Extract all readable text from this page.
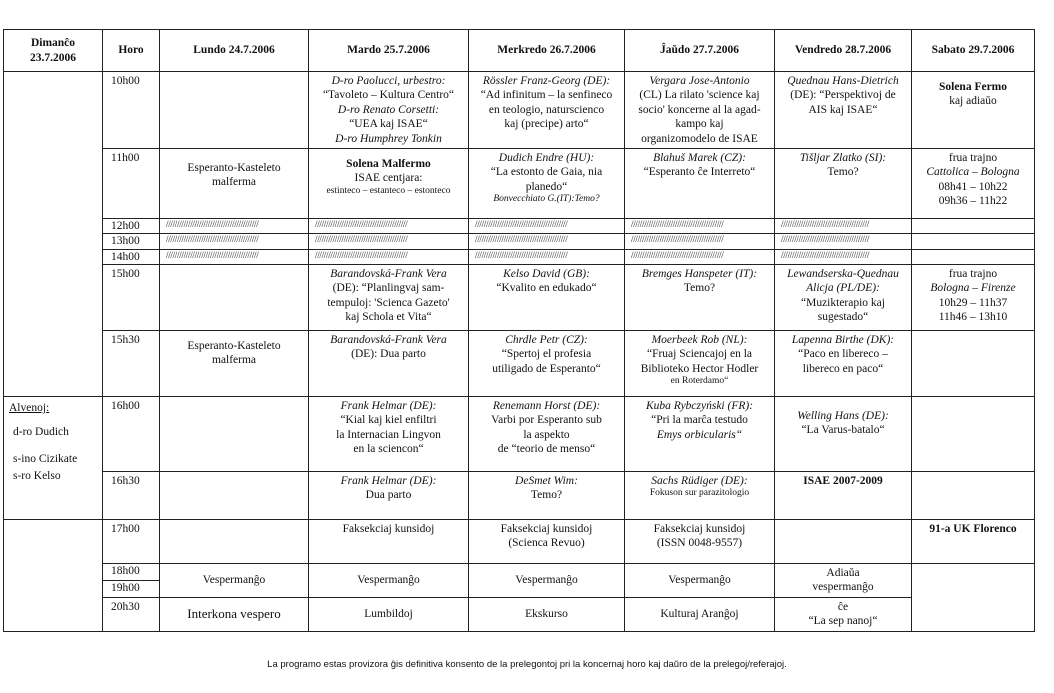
Dimanĉo
23.7.2006	Horo	Lundo 24.7.2006	Mardo 25.7.2006	Merkredo 26.7.2006	Ĵaŭdo 27.7.2006	Vendredo 28.7.2006	Sabato 29.7.2006
	10h00		D-ro Paolucci, urbestro:
“Tavoleto – Kultura Centro“
D-ro Renato Corsetti:
“UEA kaj ISAE“
D-ro Humphrey Tonkin	Rössler Franz-Georg (DE):
“Ad infinitum – la senfineco
en teologio, naturscienco
kaj (precipe) arto“	Vergara Jose-Antonio
(CL) La rilato 'science kaj
socio' koncerne al la agad-
kampo kaj
organizomodelo de ISAE	Quednau Hans-Dietrich
(DE): “Perspektivoj de
AIS kaj ISAE“	Solena Fermo
kaj adiaŭo

	11h00	Esperanto-Kasteleto
malferma	Solena Malfermo
ISAE centjara:
estinteco – estanteco – estonteco	Dudich Endre (HU):
“La estonto de Gaia, nia
planedo“
Bonvecchiato G.(IT):Temo?	Blahuš Marek (CZ):
“Esperanto ĉe Interreto“	Tišljar Zlatko (SI):
Temo?	frua trajno
Cattolica – Bologna
08h41 – 10h22
09h36 – 11h22

	12h00	//////////////////////////////////////////	//////////////////////////////////////////	//////////////////////////////////////////	//////////////////////////////////////////	////////////////////////////////////////	
	13h00	//////////////////////////////////////////	//////////////////////////////////////////	//////////////////////////////////////////	//////////////////////////////////////////	////////////////////////////////////////	
	14h00	//////////////////////////////////////////	//////////////////////////////////////////	//////////////////////////////////////////	//////////////////////////////////////////	////////////////////////////////////////	
	15h00		Barandovská-Frank Vera
(DE): “Planlingvaj sam-
tempuloj: 'Scienca Gazeto'
kaj Schola et Vita“	Kelso David (GB):
“Kvalito en edukado“	Bremges Hanspeter (IT):
Temo?	Lewandserska-Quednau
Alicja (PL/DE):
“Muzikterapio kaj
sugestado“	frua trajno
Bologna – Firenze
10h29 – 11h37
11h46 – 13h10

	15h30	Esperanto-Kasteleto
malferma	Barandovská-Frank Vera
(DE): Dua parto	Chrdle Petr (CZ):
“Spertoj el profesia
utiligado de Esperanto“	Moerbeek Rob (NL):
“Fruaj Sciencajoj en la
Biblioteko Hector Hodler
en Roterdamo“	Lapenna Birthe (DK):
“Paco en libereco –
libereco en paco“	

Alvenoj:
d-ro Dudich
s-ino Cizikate
s-ro Kelso	16h00		Frank Helmar (DE):
“Kial kaj kiel enfiltri
la Internacian Lingvon
en la sciencon“	Renemann Horst (DE):
Varbi por Esperanto sub
la aspekto
de “teorio de menso“	Kuba Rybczyński (FR):
“Pri la marĉa testudo
Emys orbicularis“	Welling Hans (DE):
“La Varus-batalo“	

	16h30		Frank Helmar (DE):
Dua parto	DeSmet Wim:
Temo?	Sachs Rüdiger (DE):
Fokuson sur parazitologio	ISAE 2007-2009	

	17h00		Faksekciaj kunsidoj	Faksekciaj kunsidoj
(Scienca Revuo)	Faksekciaj kunsidoj
(ISSN 0048-9557)		91-a UK Florenco

	18h00	Vespermanĝo	Vespermanĝo	Vespermanĝo	Vespermanĝo	Adiaŭa
vespermanĝo	

	19h00						
	20h30	Interkona vespero	Lumbildoj	Ekskurso	Kulturaj Aranĝoj	ĉe
“La sep nanoj“	
La programo estas provizora ĝis definitiva konsento de la prelegontoj pri la koncernaj horo kaj daŭro de la prelegoj/referajoj.
